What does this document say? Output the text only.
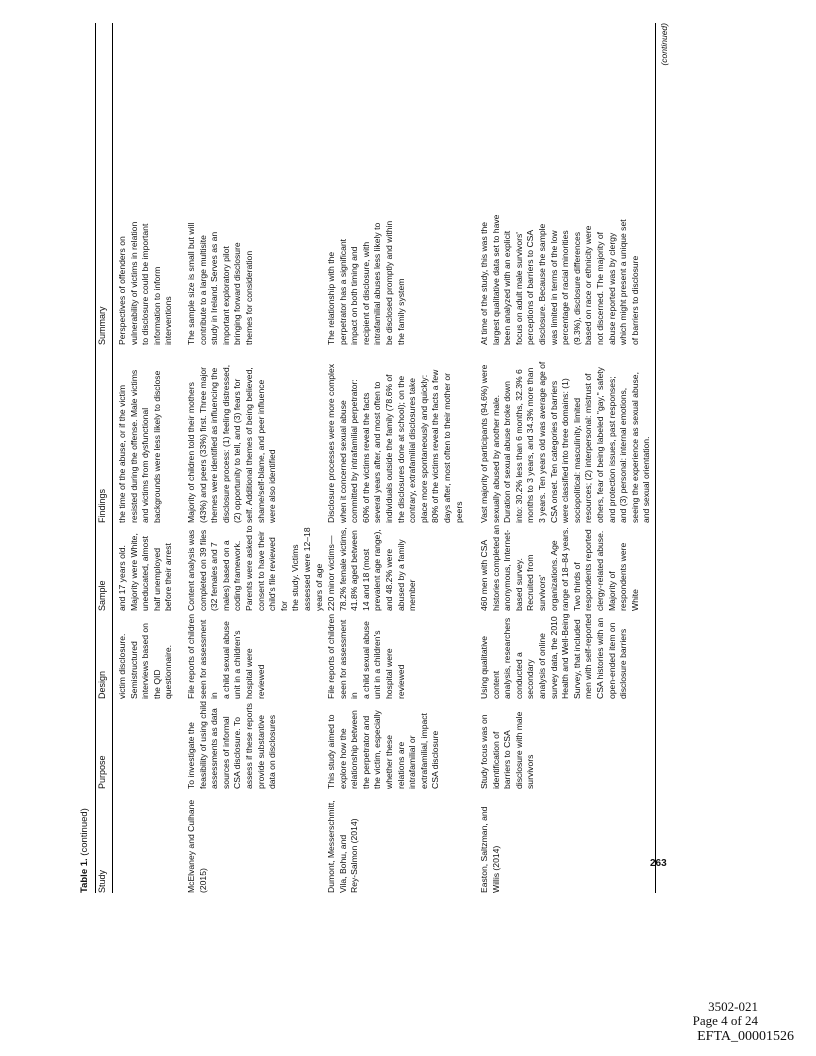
Table 1. (continued)
Study
Purpose
Design
Sample
Findings
Summary
victim disclosure.
Semistructured
interviews based on
the QID
questionnaire.
and 17 years old.
Majority were White,
uneducated, almost
half unemployed
before their arrest
the time of the abuse, or if the victim
resisted during the offense. Male victims
and victims from dysfunctional
backgrounds were less likely to disclose
Perspectives of offenders on
vulnerability of victims in relation
to disclosure could be important
information to inform
interventions
McElvaney and Culhane
(2015)
To investigate the
feasibility of using child
assessments as data
sources of informal
CSA disclosure. To
assess if these reports
provide substantive
data on disclosures
File reports of children
seen for assessment in
a child sexual abuse
unit in a children's
hospital were
reviewed
Content analysis was
completed on 39 files
(32 females and 7
males) based on a
coding framework.
Parents were asked to
consent to have their
child's file reviewed for
the study. Victims
assessed were 12–18
years of age
Majority of children told their mothers
(43%) and peers (33%) first. Three major
themes were identified as influencing the
disclosure process: (1) feeling distressed,
(2) opportunity to tell, and (3) fears for
self. Additional themes of being believed,
shame/self-blame, and peer influence
were also identified
The sample size is small but will
contribute to a large multisite
study in Ireland. Serves as an
important exploratory pilot
bringing forward disclosure
themes for consideration
Dumont, Messerschmitt,
Vila, Bohu, and
Rey-Salmon (2014)
This study aimed to
explore how the
relationship between
the perpetrator and
the victim, especially
whether these
relations are
intrafamilial or
extrafamilial, impact
CSA disclosure
File reports of children
seen for assessment in
a child sexual abuse
unit in a children's
hospital were
reviewed
220 minor victims—
78.2% female victims,
41.8% aged between
14 and 18 (most
prevalent age range),
and 48.2% were
abused by a family
member
Disclosure processes were more complex
when it concerned sexual abuse
committed by intrafamilial perpetrator:
60% of the victims reveal the facts
several years after, and most often to
individuals outside the family (78.6% of
the disclosures done at school); on the
contrary, extrafamilial disclosures take
place more spontaneously and quickly:
80% of the victims reveal the facts a few
days after, most often to their mother or
peers
The relationship with the
perpetrator has a significant
impact on both timing and
recipient of disclosure, with
intrafamilial abuses less likely to
be disclosed promptly and within
the family system
Easton, Saltzman, and
Willis (2014)
Study focus was on
identification of
barriers to CSA
disclosure with male
survivors
Using qualitative content
analysis, researchers
conducted a secondary
analysis of online
survey data, the 2010
Health and Well-Being
Survey, that included
men with self-reported
CSA histories with an
open-ended item on
disclosure barriers
460 men with CSA
histories completed an
anonymous, Internet-
based survey.
Recruited from
survivors'
organizations. Age
range of 18–84 years.
Two thirds of
respondents reported
clergy-related abuse.
Majority of
respondents were
White
Vast majority of participants (94.6%) were
sexually abused by another male.
Duration of sexual abuse broke down
into: 30.2% less than 6 months, 32.3% 6
months to 3 years, and 34.3% more than
3 years. Ten years old was average age of
CSA onset. Ten categories of barriers
were classified into three domains: (1)
sociopolitical: masculinity, limited
resources; (2) interpersonal: mistrust of
others, fear of being labeled "gay," safety
and protection issues, past responses;
and (3) personal: internal emotions,
seeing the experience as sexual abuse,
and sexual orientation.
At time of the study, this was the
largest qualitative data set to have
been analyzed with an explicit
focus on adult male survivors'
perceptions of barriers to CSA
disclosure. Because the sample
was limited in terms of the low
percentage of racial minorities
(9.3%), disclosure differences
based on race or ethnicity were
not discerned. The majority of
abuse reported was by clergy
which might present a unique set
of barriers to disclosure
(continued)
263
3502-021
Page 4 of 24
EFTA_00001526
